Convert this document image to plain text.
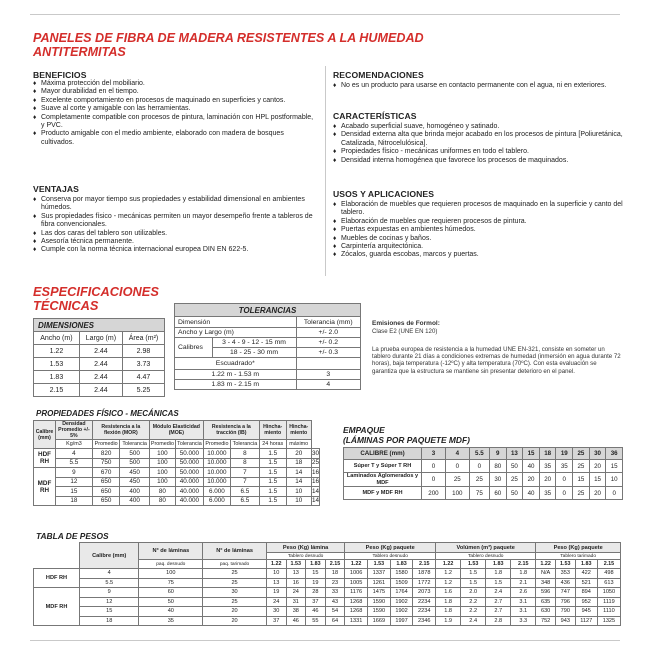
PANELES DE FIBRA DE MADERA RESISTENTES A LA HUMEDAD
ANTITERMITAS
BENEFICIOS
♦ Máxima protección del mobiliario.
♦ Mayor durabilidad en el tiempo.
♦ Excelente comportamiento en procesos de maquinado en superficies y cantos.
♦ Suave al corte y amigable con las herramientas.
♦ Completamente compatible con procesos de pintura, laminación con HPL postformable, y PVC.
♦ Producto amigable con el medio ambiente, elaborado con madera de bosques cultivados.
VENTAJAS
♦ Conserva por mayor tiempo sus propiedades y estabilidad dimensional en ambientes húmedos.
♦ Sus propiedades físico - mecánicas permiten un mayor desempeño frente a tableros de fibra convencionales.
♦ Las dos caras del tablero son utilizables.
♦ Asesoría técnica permanente.
♦ Cumple con la norma técnica internacional europea DIN EN 622-5.
RECOMENDACIONES
♦ No es un producto para usarse en contacto permanente con el agua, ni en exteriores.
CARACTERÍSTICAS
♦ Acabado superficial suave, homogéneo y satinado.
♦ Densidad externa alta que brinda mejor acabado en los procesos de pintura [Poliuretánica, Catalizada, Nitrocelulósica].
♦ Propiedades físico - mecánicas uniformes en todo el tablero.
♦ Densidad interna homogénea que favorece los procesos de maquinados.
USOS Y APLICACIONES
♦ Elaboración de muebles que requieren procesos de maquinado en la superficie y canto del tablero.
♦ Elaboración de muebles que requieren procesos de pintura.
♦ Puertas expuestas en ambientes húmedos.
♦ Muebles de cocinas y baños.
♦ Carpintería arquitectónica.
♦ Zócalos, guarda escobas, marcos y puertas.
ESPECIFICACIONES
TÉCNICAS
DIMENSIONES		
Ancho (m)	Largo (m)	Área (m²)
1.22	2.44	2.98
1.53	2.44	3.73
1.83	2.44	4.47
2.15	2.44	5.25
TOLERANCIAS		
Dimensión		Tolerancia (mm)
Ancho y Largo (m)		+/- 2.0
Calibres	3 - 4 - 9 - 12 - 15 mm	+/- 0.2
	18 - 25 - 30 mm	+/- 0.3
Escuadrado*		
1.22 m - 1.53 m		3
1.83 m - 2.15 m		4
Emisiones de Formol:
Clase E2 (UNE EN 120)
La prueba europea de resistencia a la humedad UNE EN-321, consiste en someter un tablero durante 21 días a condiciones extremas de humedad (inmersión en agua durante 72 horas), baja temperatura (-12ºC) y alta temperatura (70ºC). Con esta evaluación se garantiza que la estructura se mantiene sin presentar deterioro en el panel.
PROPIEDADES FÍSICO - MECÁNICAS
Calibre (mm)	Densidad Promedio +/- 5%	Resistencia a la flexión (MOR)		Módulo Elasticidad (MOE)		Resistencia a la tracción (IB)		Hincha- miento	Hincha- miento	
	Kg/m3	Promedio	Tolerancia	Promedio	Tolerancia	Promedio	Tolerancia	24 horas	máximo	
HDF RH	4	820	500	100	50.000	10.000	8	1.5	20	30
	5.5	750	500	100	50.000	10.000	8	1.5	18	25
MDF RH	9	670	450	100	50.000	10.000	7	1.5	14	16
	12	650	450	100	40.000	10.000	7	1.5	14	16
	15	650	400	80	40.000	6.000	6.5	1.5	10	14
	18	650	400	80	40.000	6.000	6.5	1.5	10	14
EMPAQUE
(LÁMINAS POR PAQUETE MDF)
CALIBRE (mm)	3	4	5.5	9	13	15	18	19	25	30	36
Súper T y Súper T RH	0	0	0	80	50	40	35	35	25	20	15
Laminados Aglomerados y MDF	0	25	25	30	25	20	20	0	15	15	10
MDF y MDF RH	200	100	75	60	50	40	35	0	25	20	0
TABLA DE PESOS
	Calibre (mm)	N° de láminas	N° de láminas	Peso (Kg) lámina				Peso (Kg) paquete				Volúmen (m³) paquete				Peso (Kg) paquete			
				Tablero desnudo				Tablero desnudo				Tablero desnudo				Tablero tarimado			
		paq. desnudo	paq. tarimado	1.22	1.53	1.83	2.15	1.22	1.53	1.83	2.15	1.22	1.53	1.83	2.15	1.22	1.53	1.83	2.15
HDF RH	4	100	25	10	13	15	18	1006	1337	1580	1878	1.2	1.5	1.8	1.8	N/A	353	422	498
	5.5	75	25	13	16	19	23	1005	1261	1509	1772	1.2	1.5	1.5	2.1	348	436	521	613
MDF RH	9	60	30	19	24	28	33	1176	1475	1764	2073	1.6	2.0	2.4	2.6	596	747	894	1050
	12	50	25	24	31	37	43	1268	1590	1902	2234	1.8	2.2	2.7	3.1	635	796	952	1119
	15	40	20	30	38	46	54	1268	1590	1902	2234	1.8	2.2	2.7	3.1	630	790	945	1110
	18	35	20	37	46	55	64	1331	1669	1997	2346	1.9	2.4	2.8	3.3	752	943	1127	1325
